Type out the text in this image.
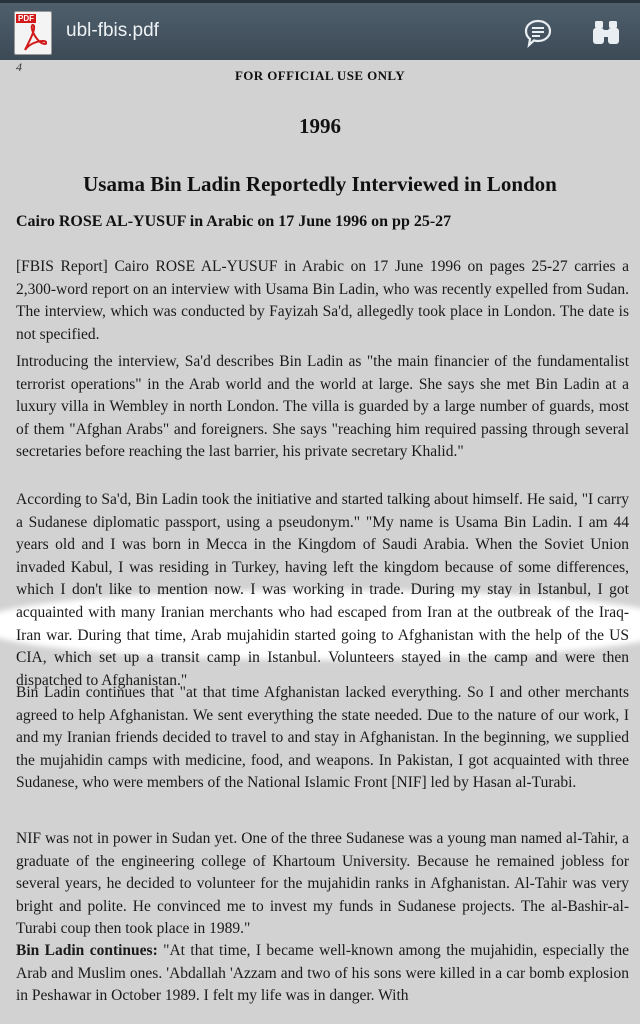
PDF
ubl-fbis.pdf
4
FOR OFFICIAL USE ONLY
1996
Usama Bin Ladin Reportedly Interviewed in London
Cairo ROSE AL-YUSUF in Arabic on 17 June 1996 on pp 25-27
[FBIS Report] Cairo ROSE AL-YUSUF in Arabic on 17 June 1996 on pages 25-27 carries a 2,300-word report on an interview with Usama Bin Ladin, who was recently expelled from Sudan. The interview, which was conducted by Fayizah Sa'd, allegedly took place in London. The date is not specified.
Introducing the interview, Sa'd describes Bin Ladin as "the main financier of the fundamentalist terrorist operations" in the Arab world and the world at large. She says she met Bin Ladin at a luxury villa in Wembley in north London. The villa is guarded by a large number of guards, most of them "Afghan Arabs" and foreigners. She says "reaching him required passing through several secretaries before reaching the last barrier, his private secretary Khalid."
According to Sa'd, Bin Ladin took the initiative and started talking about himself. He said, "I carry a Sudanese diplomatic passport, using a pseudonym." "My name is Usama Bin Ladin. I am 44 years old and I was born in Mecca in the Kingdom of Saudi Arabia. When the Soviet Union invaded Kabul, I was residing in Turkey, having left the kingdom because of some differences, which I don't like to mention now. I was working in trade. During my stay in Istanbul, I got acquainted with many Iranian merchants who had escaped from Iran at the outbreak of the Iraq-Iran war. During that time, Arab mujahidin started going to Afghanistan with the help of the US CIA, which set up a transit camp in Istanbul. Volunteers stayed in the camp and were then dispatched to Afghanistan."
Bin Ladin continues that "at that time Afghanistan lacked everything. So I and other merchants agreed to help Afghanistan. We sent everything the state needed. Due to the nature of our work, I and my Iranian friends decided to travel to and stay in Afghanistan. In the beginning, we supplied the mujahidin camps with medicine, food, and weapons. In Pakistan, I got acquainted with three Sudanese, who were members of the National Islamic Front [NIF] led by Hasan al-Turabi.
NIF was not in power in Sudan yet. One of the three Sudanese was a young man named al-Tahir, a graduate of the engineering college of Khartoum University. Because he remained jobless for several years, he decided to volunteer for the mujahidin ranks in Afghanistan. Al-Tahir was very bright and polite. He convinced me to invest my funds in Sudanese projects. The al-Bashir-al-Turabi coup then took place in 1989."
Bin Ladin continues: "At that time, I became well-known among the mujahidin, especially the Arab and Muslim ones. 'Abdallah 'Azzam and two of his sons were killed in a car bomb explosion in Peshawar in October 1989. I felt my life was in danger. With
